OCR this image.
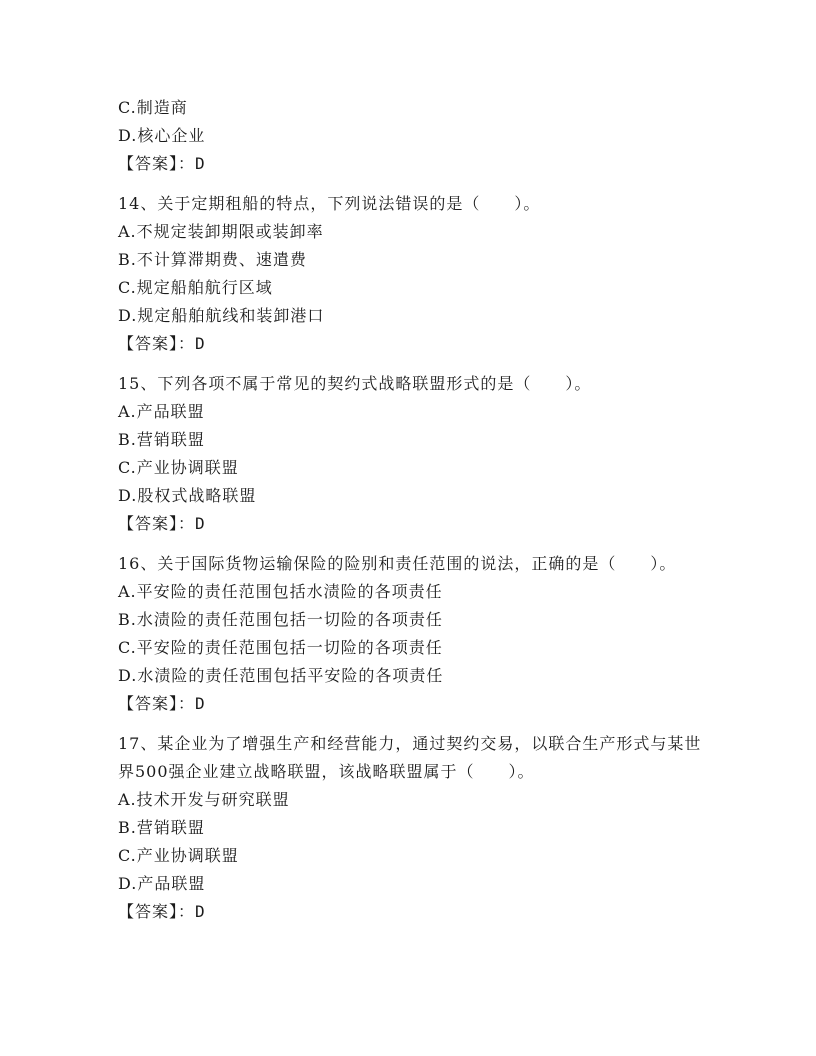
C.制造商
D.核心企业
【答案】：D
14、关于定期租船的特点，下列说法错误的是（　　）。
A.不规定装卸期限或装卸率
B.不计算滞期费、速遣费
C.规定船舶航行区域
D.规定船舶航线和装卸港口
【答案】：D
15、下列各项不属于常见的契约式战略联盟形式的是（　　）。
A.产品联盟
B.营销联盟
C.产业协调联盟
D.股权式战略联盟
【答案】：D
16、关于国际货物运输保险的险别和责任范围的说法，正确的是（　　）。
A.平安险的责任范围包括水渍险的各项责任
B.水渍险的责任范围包括一切险的各项责任
C.平安险的责任范围包括一切险的各项责任
D.水渍险的责任范围包括平安险的各项责任
【答案】：D
17、某企业为了增强生产和经营能力，通过契约交易，以联合生产形式与某世界500强企业建立战略联盟，该战略联盟属于（　　）。
A.技术开发与研究联盟
B.营销联盟
C.产业协调联盟
D.产品联盟
【答案】：D
